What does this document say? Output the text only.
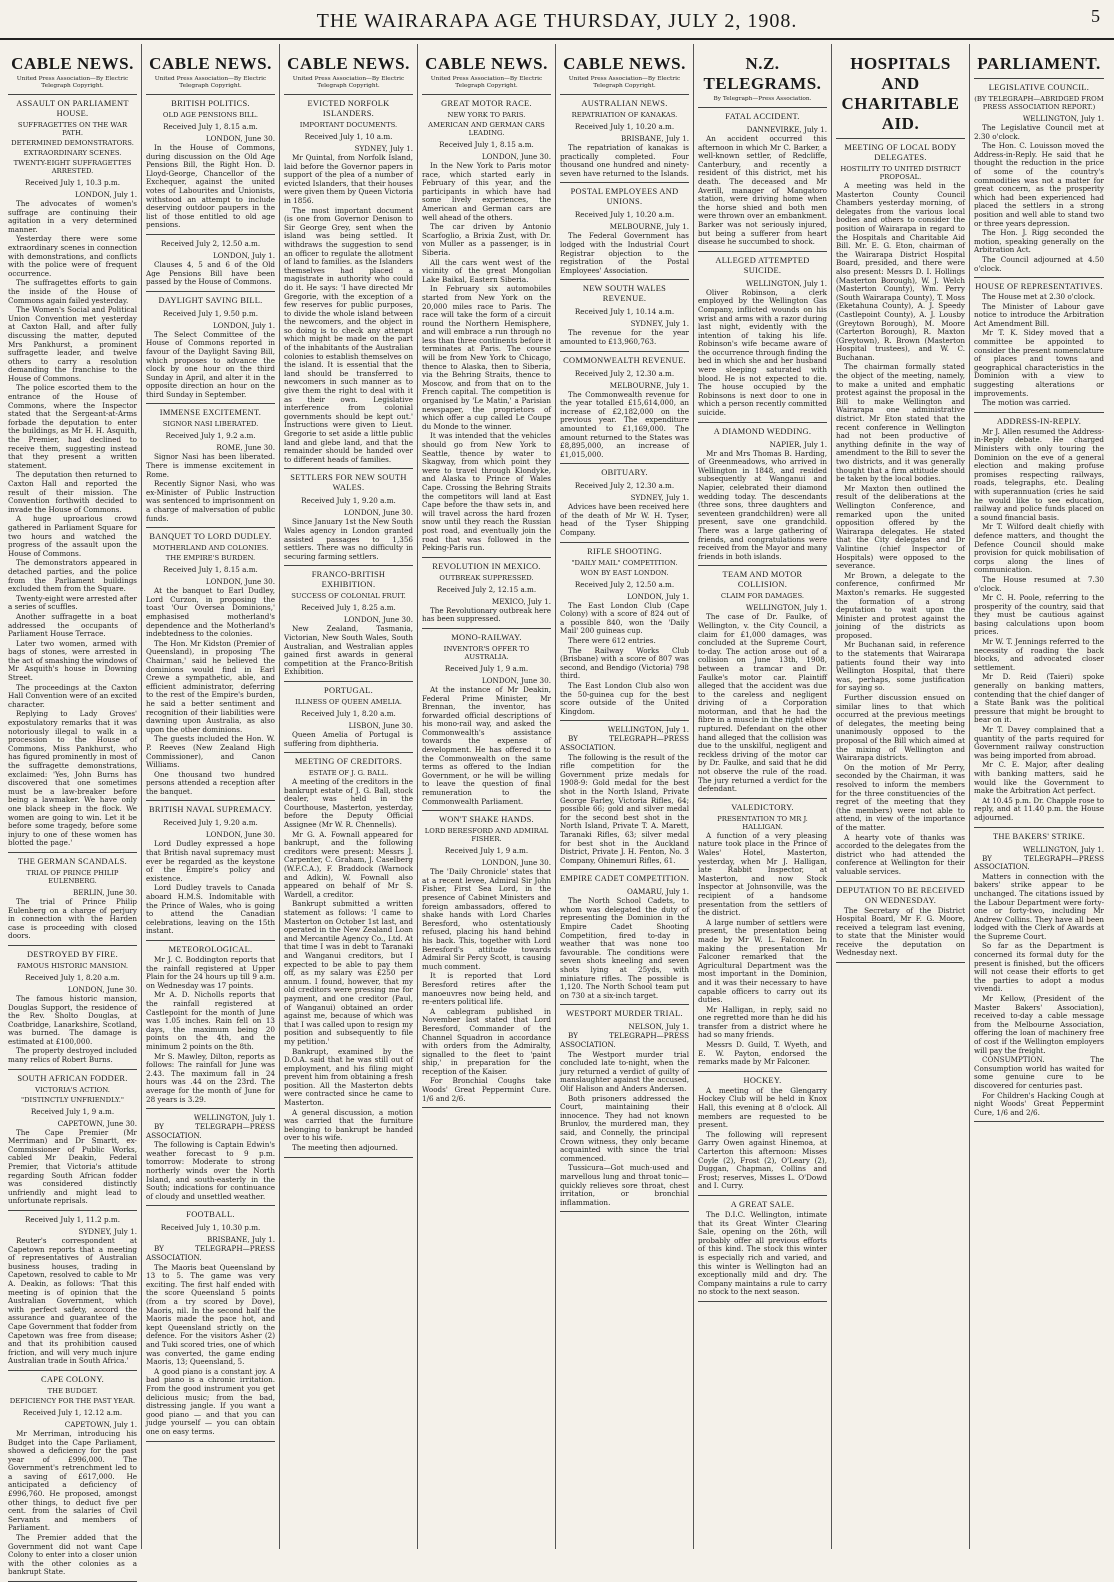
THE WAIRARAPA AGE THURSDAY, JULY 2, 1908.	5
CABLE NEWS.
United Press Association—By Electric Telegraph Copyright.
ASSAULT ON PARLIAMENT HOUSE.
SUFFRAGETTES ON THE WAR PATH.
DETERMINED DEMONSTRATORS.
EXTRAORDINARY SCENES.
TWENTY-EIGHT SUFFRAGETTES ARRESTED.
Received July 1, 10.3 p.m.
LONDON, July 1.
The advocates of women's suffrage are continuing their agitation in a very determined manner.
Yesterday there were some extraordinary scenes in connection with demonstrations, and conflicts with the police were of frequent occurrence.
The suffragettes efforts to gain the inside of the House of Commons again failed yesterday.
The Women's Social and Political Union Convention met yesterday at Caxton Hall, and after fully discussing the matter, deputed Mrs Pankhurst, a prominent suffragette leader, and twelve others to carry a resolution demanding the franchise to the House of Commons.
The police escorted them to the entrance of the House of Commons, where the Inspector stated that the Sergeant-at-Arms forbade the deputation to enter the buildings, as Mr H. H. Asquith, the Premier, had declined to receive them, suggesting instead that they present a written statement.
The deputation then returned to Caxton Hall and reported the result of their mission. The Convention forthwith decided to invade the House of Commons.
A huge uproarious crowd gathered in Parliament Square for two hours and watched the progress of the assault upon the House of Commons.
The demonstrators appeared in detached parties, and the police from the Parliament buildings excluded them from the Square.
Twenty-eight were arrested after a series of scuffles.
Another suffragette in a boat addressed the occupants of Parliament House Terrace.
Later two women, armed with bags of stones, were arrested in the act of smashing the windows of Mr Asquith's house in Downing Street.
The proceedings at the Caxton Hall Convention were of an excited character.
Replying to Lady Groves' expostulatory remarks that it was notoriously illegal to walk in a procession to the House of Commons, Miss Pankhurst, who has figured prominently in most of the suffragette demonstrations, exclaimed: 'Yes, John Burns has discovered that one sometimes must be a law-breaker before being a lawmaker. We have only one black sheep in the flock. We women are going to win. Let it be before some tragedy, before some injury to one of these women has blotted the page.'
THE GERMAN SCANDALS.
TRIAL OF PRINCE PHILIP EULENBERG.
BERLIN, June 30.
The trial of Prince Philip Eulenberg on a charge of perjury in connection with the Harden case is proceeding with closed doors.
DESTROYED BY FIRE.
FAMOUS HISTORIC MANSION.
Received July 1, 8.20 a.m.
LONDON, June 30.
The famous historic mansion, Douglas Support, the residence of the Rev. Sholto Douglas, at Coatbridge, Lanarkshire, Scotland, was burned. The damage is estimated at £100,000.
The property destroyed included many relics of Robert Burns.
SOUTH AFRICAN FODDER.
VICTORIA'S ACTION.
"DISTINCTLY UNFRIENDLY."
Received July 1, 9 a.m.
CAPETOWN, June 30.
The Cape Premier (Mr Merriman) and Dr Smartt, ex-Commissioner of Public Works, cabled Mr Deakin, Federal Premier, that Victoria's attitude regarding South African fodder was considered distinctly unfriendly and might lead to unfortunate reprisals.
Received July 1, 11.2 p.m.
SYDNEY, July 1.
Reuter's correspondent at Capetown reports that a meeting of representatives of Australian business houses, trading in Capetown, resolved to cable to Mr A. Deakin, as follows: 'That this meeting is of opinion that the Australian Government, which with perfect safety, accord the assurance and guarantee of the Cape Government that fodder from Capetown was free from disease; and that its prohibition caused friction, and will very much injure Australian trade in South Africa.'
CAPE COLONY.
THE BUDGET.
DEFICIENCY FOR THE PAST YEAR.
Received July 1, 12.12 a.m.
CAPETOWN, July 1.
Mr Merriman, introducing his Budget into the Cape Parliament, showed a deficiency for the past year of £996,000. The Government's retrenchment led to a saving of £617,000. He anticipated a deficiency of £996,760. He proposed, amongst other things, to deduct five per cent. from the salaries of Civil Servants and members of Parliament.
The Premier added that the Government did not want Cape Colony to enter into a closer union with the other colonies as a bankrupt State.
CABLE NEWS.
United Press Association—By Electric Telegraph Copyright.
BRITISH POLITICS.
OLD AGE PENSIONS BILL.
Received July 1, 8.15 a.m.
LONDON, June 30.
In the House of Commons, during discussion on the Old Age Pensions Bill, the Right Hon. D. Lloyd-George, Chancellor of the Exchequer, against the united votes of Labourites and Unionists, withstood an attempt to include deserving outdoor paupers in the list of those entitled to old age pensions.
Received July 2, 12.50 a.m.
LONDON, July 1.
Clauses 4, 5 and 6 of the Old Age Pensions Bill have been passed by the House of Commons.
DAYLIGHT SAVING BILL.
Received July 1, 9.50 p.m.
LONDON, July 1.
The Select Committee of the House of Commons reported in favour of the Daylight Saving Bill, which proposes to advance the clock by one hour on the third Sunday in April, and alter it in the opposite direction an hour on the third Sunday in September.
IMMENSE EXCITEMENT.
SIGNOR NASI LIBERATED.
Received July 1, 9.2 a.m.
ROME, June 30.
Signor Nasi has been liberated. There is immense excitement in Rome.
Recently Signor Nasi, who was ex-Minister of Public Instruction was sentenced to imprisonment on a charge of malversation of public funds.
BANQUET TO LORD DUDLEY.
MOTHERLAND AND COLONIES.
THE EMPIRE'S BURDEN.
Received July 1, 8.15 a.m.
LONDON, June 30.
At the banquet to Earl Dudley, Lord Curzon, in proposing the toast 'Our Oversea Dominions,' emphasised motherland's dependence and the Motherland's indebtedness to the colonies.
The Hon. Mr Kidston (Premier of Queensland), in proposing 'The Chairman,' said he believed the dominions would find in Earl Crewe a sympathetic, able, and efficient administrator, deferring to the rest of the Empire's burden, he said a better sentiment and recognition of their liabilities were dawning upon Australia, as also upon the other dominions.
The guests included the Hon. W. P. Reeves (New Zealand High Commissioner), and Canon Williams.
One thousand two hundred persons attended a reception after the banquet.
BRITISH NAVAL SUPREMACY.
Received July 1, 9.20 a.m.
LONDON, June 30.
Lord Dudley expressed a hope that British naval supremacy must ever be regarded as the keystone of the Empire's policy and existence.
Lord Dudley travels to Canada aboard H.M.S. Indomitable with the Prince of Wales, who is going to attend the Canadian celebrations, leaving on the 15th instant.
METEOROLOGICAL.
Mr J. C. Boddington reports that the rainfall registered at Upper Plain for the 24 hours up till 9 a.m. on Wednesday was 17 points.
Mr A. D. Nicholls reports that the rainfall registered at Castlepoint for the month of June was 1.05 inches. Rain fell on 13 days, the maximum being 20 points on the 4th, and the minimum 2 points on the 8th.
Mr S. Mawley, Dilton, reports as follows: The rainfall for June was 2.43. The maximum fall in 24 hours was .44 on the 23rd. The average for the month of June for 28 years is 3.29.
WELLINGTON, July 1.
BY TELEGRAPH—PRESS ASSOCIATION.
The following is Captain Edwin's weather forecast to 9 p.m. tomorrow: Moderate to strong northerly winds over the North Island, and south-easterly in the South; indications for continuance of cloudy and unsettled weather.
FOOTBALL.
Received July 1, 10.30 p.m.
BRISBANE, July 1.
BY TELEGRAPH—PRESS ASSOCIATION.
The Maoris beat Queensland by 13 to 5. The game was very exciting. The first half ended with the score Queensland 5 points (from a try scored by Dove), Maoris, nil. In the second half the Maoris made the pace hot, and kept Queensland strictly on the defence. For the visitors Asher (2) and Tuki scored tries, one of which was converted, the game ending Maoris, 13; Queensland, 5.
A good piano is a constant joy. A bad piano is a chronic irritation. From the good instrument you get delicious music; from the bad, distressing jangle. If you want a good piano — and that you can judge yourself — you can obtain one on easy terms.
CABLE NEWS.
United Press Association—By Electric Telegraph Copyright.
EVICTED NORFOLK ISLANDERS.
IMPORTANT DOCUMENTS.
Received July 1, 10 a.m.
SYDNEY, July 1.
Mr Quintal, from Norfolk Island, laid before the Governor papers in support of the plea of a number of evicted Islanders, that their houses were given them by Queen Victoria in 1856.
The most important document (is one from Governor Denison to Sir George Grey, sent when the island was being settled. It withdraws the suggestion to send an officer to regulate the allotment of land to families. as the Islanders themselves had placed a magistrate in authority who could do it. He says: 'I have directed Mr Gregorie, with the exception of a few reserves for public purposes, to divide the whole island between the newcomers, and the object in so doing is to check any attempt which might be made on the part of the inhabitants of the Australian colonies to establish themselves on the island. It is essential that the land should be transferred to newcomers in such manner as to give them the right to deal with it as their own. Legislative interference from colonial governments should be kept out.' Instructions were given to Lieut. Gregorie to set aside a little public land and glebe land, and that the remainder should be handed over to different heads of families.
SETTLERS FOR NEW SOUTH WALES.
Received July 1, 9.20 a.m.
LONDON, June 30.
Since January 1st the New South Wales agency in London granted assisted passages to 1,356 settlers. There was no difficulty in securing farming settlers.
FRANCO-BRITISH EXHIBITION.
SUCCESS OF COLONIAL FRUIT.
Received July 1, 8.25 a.m.
LONDON, June 30.
New Zealand, Tasmania, Victorian, New South Wales, South Australian, and Westralian apples gained first awards in general competition at the Franco-British Exhibition.
PORTUGAL.
ILLNESS OF QUEEN AMELIA.
Received July 1, 8.20 a.m.
LISBON, June 30.
Queen Amelia of Portugal is suffering from diphtheria.
MEETING OF CREDITORS.
ESTATE OF J. G. BALL.
A meeting of the creditors in the bankrupt estate of J. G. Ball, stock dealer, was held in the Courthouse, Masterton, yesterday, before the Deputy Official Assignee (Mr W. R. Chennells).
Mr G. A. Fownall appeared for bankrupt, and the following creditors were present: Messrs J. Carpenter, C. Graham, J. Caselberg (W.F.C.A.), F. Braddock (Warnock and Adkin), W. Fownall also appeared on behalf of Mr S. Wardell, a creditor.
Bankrupt submitted a written statement as follows: 'I came to Masterton on October 1st last, and operated in the New Zealand Loan and Mercantile Agency Co., Ltd. At that time I was in debt to Taranaki and Wanganui creditors, but I expected to be able to pay them off, as my salary was £250 per annum. I found, however, that my old creditors were pressing me for payment, and one creditor (Paul, of Wanganui) obtained an order against me, because of which was that I was called upon to resign my position and subsequently to file my petition.'
Bankrupt, examined by the D.O.A. said that he was still out of employment, and his filing might prevent him from obtaining a fresh position. All the Masterton debts were contracted since he came to Masterton.
A general discussion, a motion was carried that the furniture belonging to bankrupt be handed over to his wife.
The meeting then adjourned.
CABLE NEWS.
United Press Association—By Electric Telegraph Copyright.
GREAT MOTOR RACE.
NEW YORK TO PARIS.
AMERICAN AND GERMAN CARS LEADING.
Received July 1, 8.15 a.m.
LONDON, June 30.
In the New York to Paris motor race, which started early in February of this year, and the participants in which have had some lively experiences, the American and German cars are well ahead of the others.
The car driven by Antonio Scarfoglio, a Brixia Zust, with Dr. von Muller as a passenger, is in Siberia.
All the cars went west of the vicinity of the great Mongolian Lake Baikal, Eastern Siberia.
In February six automobiles started from New York on the 20,000 miles race to Paris. The race will take the form of a circuit round the Northern Hemisphere, and will embrace a run through no less than three continents before it terminates at Paris. The course will be from New York to Chicago, thence to Alaska, then to Siberia, via the Behring Straits, thence to Moscow, and from that on to the French capital. The competition is organised by 'Le Matin,' a Parisian newspaper, the proprietors of which offer a cup called Le Coupe du Monde to the winner.
It was intended that the vehicles should go from New York to Seattle, thence by water to Skagway, from which point they were to travel through Klondyke, and Alaska to Prince of Wales Cape. Crossing the Behring Straits the competitors will land at East Cape before the thaw sets in, and will travel across the hard frozen snow until they reach the Russian post road, and eventually join the road that was followed in the Peking-Paris run.
REVOLUTION IN MEXICO.
OUTBREAK SUPPRESSED.
Received July 2, 12.15 a.m.
MEXICO, July 1.
The Revolutionary outbreak here has been suppressed.
MONO-RAILWAY.
INVENTOR'S OFFER TO AUSTRALIA.
Received July 1, 9 a.m.
LONDON, June 30.
At the instance of Mr Deakin, Federal Prime Minister, Mr Brennan, the inventor, has forwarded official descriptions of his mono-rail way, and asked the Commonwealth's assistance towards the expense of development. He has offered it to the Commonwealth on the same terms as offered to the Indian Government, or he will be willing to leave the question of final remuneration to the Commonwealth Parliament.
WON'T SHAKE HANDS.
LORD BERESFORD AND ADMIRAL FISHER.
Received July 1, 9 a.m.
LONDON, June 30.
The 'Daily Chronicle' states that at a recent levee, Admiral Sir John Fisher, First Sea Lord, in the presence of Cabinet Ministers and foreign ambassadors, offered to shake hands with Lord Charles Beresford, who ostentatiously refused, placing his hand behind his back. This, together with Lord Beresford's attitude towards Admiral Sir Percy Scott, is causing much comment.
It is reported that Lord Beresford retires after the manoeuvres now being held, and re-enters political life.
A cablegram published in November last stated that Lord Beresford, Commander of the Channel Squadron in accordance with orders from the Admiralty, signalled to the fleet to 'paint ship,' in preparation for the reception of the Kaiser.
For Bronchial Coughs take Woods' Great Peppermint Cure. 1/6 and 2/6.
CABLE NEWS.
United Press Association—By Electric Telegraph Copyright.
AUSTRALIAN NEWS.
REPATRIATION OF KANAKAS.
Received July 1, 10.20 a.m.
BRISBANE, July 1.
The repatriation of kanakas is practically completed. Four thousand one hundred and ninety-seven have returned to the Islands.
POSTAL EMPLOYEES AND UNIONS.
Received July 1, 10.20 a.m.
MELBOURNE, July 1.
The Federal Government has lodged with the Industrial Court Registrar objection to the registration of the Postal Employees' Association.
NEW SOUTH WALES REVENUE.
Received July 1, 10.14 a.m.
SYDNEY, July 1.
The revenue for the year amounted to £13,960,763.
COMMONWEALTH REVENUE.
Received July 2, 12.30 a.m.
MELBOURNE, July 1.
The Commonwealth revenue for the year totalled £15,614,000, an increase of £2,182,000 on the previous year. The expenditure amounted to £1,169,000. The amount returned to the States was £8,895,000, an increase of £1,015,000.
OBITUARY.
Received July 2, 12.30 a.m.
SYDNEY, July 1.
Advices have been received here of the death of Mr W. H. Tyser, head of the Tyser Shipping Company.
RIFLE SHOOTING.
"DAILY MAIL" COMPETITION.
WON BY EAST LONDON.
Received July 2, 12.50 a.m.
LONDON, July 1.
The East London Club (Cape Colony) with a score of 824 out of a possible 840, won the 'Daily Mail' 200 guineas cup.
There were 612 entries.
The Railway Works Club (Brisbane) with a score of 807 was second, and Bendigo (Victoria) 798 third.
The East London Club also won the 50-guinea cup for the best score outside of the United Kingdom.
WELLINGTON, July 1.
BY TELEGRAPH—PRESS ASSOCIATION.
The following is the result of the rifle competition for the Government prize medals for 1908-9: Gold medal for the best shot in the North Island, Private George Farley, Victoria Rifles, 64; possible 66; gold and silver medal for the second best shot in the North Island, Private T. A. Marett, Taranaki Rifles, 63; silver medal for best shot in the Auckland District, Private J. H. Fenton, No. 3 Company, Ohinemuri Rifles, 61.
EMPIRE CADET COMPETITION.
OAMARU, July 1.
The North School Cadets, to whom was delegated the duty of representing the Dominion in the Empire Cadet Shooting Competition, fired to-day in weather that was none too favourable. The conditions were seven shots kneeling and seven shots lying at 25yds, with miniature rifles. The possible is 1,120. The North School team put on 730 at a six-inch target.
WESTPORT MURDER TRIAL.
NELSON, July 1.
BY TELEGRAPH—PRESS ASSOCIATION.
The Westport murder trial concluded late to-night, when the jury returned a verdict of guilty of manslaughter against the accused, Olif Halison and Anders Andersen.
Both prisoners addressed the Court, maintaining their innocence. They had not known Brunlov, the murdered man, they said, and Connelly, the principal Crown witness, they only became acquainted with since the trial commenced.
Tussicura—Got much-used and marvellous lung and throat tonic—quickly relieves sore throat, chest irritation, or bronchial inflammation.
N.Z. TELEGRAMS.
By Telegraph—Press Association.
FATAL ACCIDENT.
DANNEVIRKE, July 1.
An accident occurred this afternoon in which Mr C. Barker, a well-known settler, of Redcliffe, Canterbury, and recently a resident of this district, met his death. The deceased and Mr Averill, manager of Mangatoro station, were driving home when the horse shied and both men were thrown over an embankment. Barker was not seriously injured, but being a sufferer from heart disease he succumbed to shock.
ALLEGED ATTEMPTED SUICIDE.
WELLINGTON, July 1.
Oliver Robinson, a clerk employed by the Wellington Gas Company, inflicted wounds on his wrist and arms with a razor during last night, evidently with the intention of taking his life. Robinson's wife became aware of the occurrence through finding the bed in which she and her husband were sleeping saturated with blood. He is not expected to die. The house occupied by the Robinsons is next door to one in which a person recently committed suicide.
A DIAMOND WEDDING.
NAPIER, July 1.
Mr and Mrs Thomas B. Harding, of Greenmeadows, who arrived in Wellington in 1848, and resided subsequently at Wanganui and Napier, celebrated their diamond wedding today. The descendants (three sons, three daughters and seventeen grandchildren) were all present, save one grandchild. There was a large gathering of friends, and congratulations were received from the Mayor and many friends in both islands.
TEAM AND MOTOR COLLISION.
CLAIM FOR DAMAGES.
WELLINGTON, July 1.
The case of Dr. Faulke, of Wellington, v. the City Council, a claim for £1,000 damages, was concluded at the Supreme Court, to-day. The action arose out of a collision on June 13th, 1908, between a tramcar and Dr. Faulke's motor car. Plaintiff alleged that the accident was due to the careless and negligent driving of a Corporation motorman, and that he had the fibre in a muscle in the right elbow ruptured. Defendant on the other hand alleged that the collision was due to the unskilful, negligent and reckless driving of the motor car by Dr. Faulke, and said that he did not observe the rule of the road. The jury returned a verdict for the defendant.
VALEDICTORY.
PRESENTATION TO MR J. HALLIGAN.
A function of a very pleasing nature took place in the Prince of Wales' Hotel, Masterton, yesterday, when Mr J. Halligan, late Rabbit Inspector, at Masterton, and now Stock Inspector at Johnsonville, was the recipient of a handsome presentation from the settlers of the district.
A large number of settlers were present, the presentation being made by Mr W. L. Falconer. In making the presentation Mr Falconer remarked that the Agricultural Department was the most important in the Dominion, and it was their necessary to have capable officers to carry out its duties.
Mr Halligan, in reply, said no one regretted more than he did his transfer from a district where he had so many friends.
Messrs D. Guild, T. Wyeth, and E. W. Payton, endorsed the remarks made by Mr Falconer.
HOCKEY.
A meeting of the Glengarry Hockey Club will be held in Knox Hall, this evening at 8 o'clock. All members are requested to be present.
The following will represent Garry Owen against Hinemoa, at Carterton this afternoon: Misses Coyle (2), Frost (2), O'Leary (2), Duggan, Chapman, Collins and Frost; reserves, Misses L. O'Dowd and I. Curry.
A GREAT SALE.
The D.I.C. Wellington, intimate that its Great Winter Clearing Sale, opening on the 26th, will probably offer all previous efforts of this kind. The stock this winter is especially rich and varied, and this winter is Wellington had an exceptionally mild and dry. The Company maintains a rule to carry no stock to the next season.
HOSPITALS AND CHARITABLE AID.
MEETING OF LOCAL BODY DELEGATES.
HOSTILITY TO UNITED DISTRICT PROPOSAL.
A meeting was held in the Masterton County Council Chambers yesterday morning, of delegates from the various local bodies and others to consider the position of Wairarapa in regard to the Hospitals and Charitable Aid Bill. Mr. E. G. Eton, chairman of the Wairarapa District Hospital Board, presided, and there were also present: Messrs D. I. Hollings (Masterton Borough), W. J. Welch (Masterton County), Wm. Perry (South Wairarapa County), T. Moss (Eketahuna County), A. J. Speedy (Castlepoint County), A. J. Lousby (Greytown Borough), M. Moore (Carterton Borough), R. Maxton (Greytown), R. Brown (Masterton Hospital trustees), and W. C. Buchanan.
The chairman formally stated the object of the meeting, namely, to make a united and emphatic protest against the proposal in the Bill to make Wellington and Wairarapa one administrative district. Mr Eton stated that the recent conference in Wellington had not been productive of anything definite in the way of amendment to the Bill to sever the two districts, and it was generally thought that a firm attitude should be taken by the local bodies.
Mr Maxton then outlined the result of the deliberations at the Wellington Conference, and remarked upon the united opposition offered by the Wairarapa delegates. He stated that the City delegates and Dr Valintine (chief Inspector of Hospitals) were opposed to the severance.
Mr Brown, a delegate to the conference, confirmed Mr Maxton's remarks. He suggested the formation of a strong deputation to wait upon the Minister and protest against the joining of the districts as proposed.
Mr Buchanan said, in reference to the statements that Wairarapa patients found their way into Wellington Hospital, that there was, perhaps, some justification for saying so.
Further discussion ensued on similar lines to that which occurred at the previous meetings of delegates, the meeting being unanimously opposed to the proposal of the Bill which aimed at the mixing of Wellington and Wairarapa districts.
On the motion of Mr Perry, seconded by the Chairman, it was resolved to inform the members for the three constituencies of the regret of the meeting that they (the members) were not able to attend, in view of the importance of the matter.
A hearty vote of thanks was accorded to the delegates from the district who had attended the conference at Wellington for their valuable services.
DEPUTATION TO BE RECEIVED ON WEDNESDAY.
The Secretary of the District Hospital Board, Mr F. G. Moore, received a telegram last evening, to state that the Minister would receive the deputation on Wednesday next.
PARLIAMENT.
LEGISLATIVE COUNCIL.
(BY TELEGRAPH—ABRIDGED FROM PRESS ASSOCIATION REPORT.)
WELLINGTON, July 1.
The Legislative Council met at 2.30 o'clock.
The Hon. C. Louisson moved the Address-in-Reply. He said that he thought the reduction in the price of some of the country's commodities was not a matter for great concern, as the prosperity which had been experienced had placed the settlers in a strong position and well able to stand two or three years depression.
The Hon. J. Rigg seconded the motion, speaking generally on the Arbitration Act.
The Council adjourned at 4.50 o'clock.
HOUSE OF REPRESENTATIVES.
The House met at 2.30 o'clock.
The Minister of Labour gave notice to introduce the Arbitration Act Amendment Bill.
Mr T. K. Sidey moved that a committee be appointed to consider the present nomenclature of places and towns and geographical characteristics in the Dominion with a view to suggesting alterations or improvements.
The motion was carried.
ADDRESS-IN-REPLY.
Mr J. Allen resumed the Address-in-Reply debate. He charged Ministers with only touring the Dominion on the eve of a general election and making profuse promises respecting railways, roads, telegraphs, etc. Dealing with superannuation (cries he said he would like to see education, railway and police funds placed on a sound financial basis.
Mr T. Wilford dealt chiefly with defence matters, and thought the Defence Council should make provision for quick mobilisation of corps along the lines of communication.
The House resumed at 7.30 o'clock.
Mr C. H. Poole, referring to the prosperity of the country, said that they must be cautious against basing calculations upon boom prices.
Mr W. T. Jennings referred to the necessity of roading the back blocks, and advocated closer settlement.
Mr D. Reid (Taieri) spoke generally on banking matters, contending that the chief danger of a State Bank was the political pressure that might be brought to bear on it.
Mr T. Davey complained that a quantity of the parts required for Government railway construction was being imported from abroad.
Mr C. E. Major, after dealing with banking matters, said he would like the Government to make the Arbitration Act perfect.
At 10.45 p.m. Dr. Chapple rose to reply, and at 11.40 p.m. the House adjourned.
THE BAKERS' STRIKE.
WELLINGTON, July 1.
BY TELEGRAPH—PRESS ASSOCIATION.
Matters in connection with the bakers' strike appear to be unchanged. The citations issued by the Labour Department were forty-one or forty-two, including Mr Andrew Collins. They have all been lodged with the Clerk of Awards at the Supreme Court.
So far as the Department is concerned its formal duty for the present is finished, but the officers will not cease their efforts to get the parties to adopt a modus vivendi.
Mr Kellow, (President of the Master Bakers' Association), received to-day a cable message from the Melbourne Association, offering the loan of machinery free of cost if the Wellington employers will pay the freight.
CONSUMPTION. The Consumption world has waited for some genuine cure to be discovered for centuries past.
For Children's Hacking Cough at night Woods' Great Peppermint Cure, 1/6 and 2/6.
